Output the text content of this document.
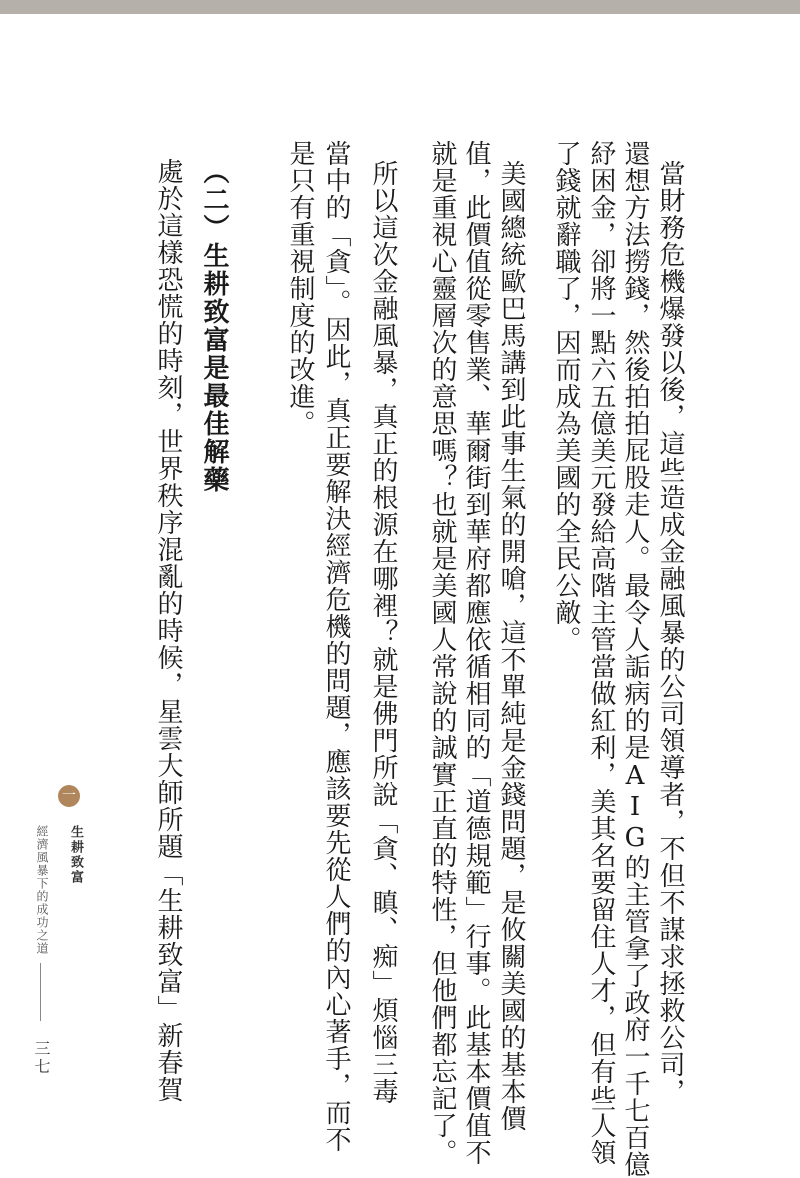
當財務危機爆發以後，這些造成金融風暴的公司領導者，不但不謀求拯救公司，
還想方法撈錢，然後拍拍屁股走人。最令人詬病的是AIG的主管拿了政府一千七百億
紓困金，卻將一點六五億美元發給高階主管當做紅利，美其名要留住人才，但有些人領
了錢就辭職了，因而成為美國的全民公敵。
美國總統歐巴馬講到此事生氣的開嗆，這不單純是金錢問題，是攸關美國的基本價
值，此價值從零售業、華爾街到華府都應依循相同的「道德規範」行事。此基本價值不
就是重視心靈層次的意思嗎？也就是美國人常說的誠實正直的特性，但他們都忘記了。
所以這次金融風暴，真正的根源在哪裡？就是佛門所說「貪、瞋、痴」煩惱三毒
當中的「貪」。因此，真正要解決經濟危機的問題，應該要先從人們的內心著手，而不
是只有重視制度的改進。
（二）生耕致富是最佳解藥
處於這樣恐慌的時刻，世界秩序混亂的時候，星雲大師所題「生耕致富」新春賀
一
生耕致富
經濟風暴下的成功之道
三七
